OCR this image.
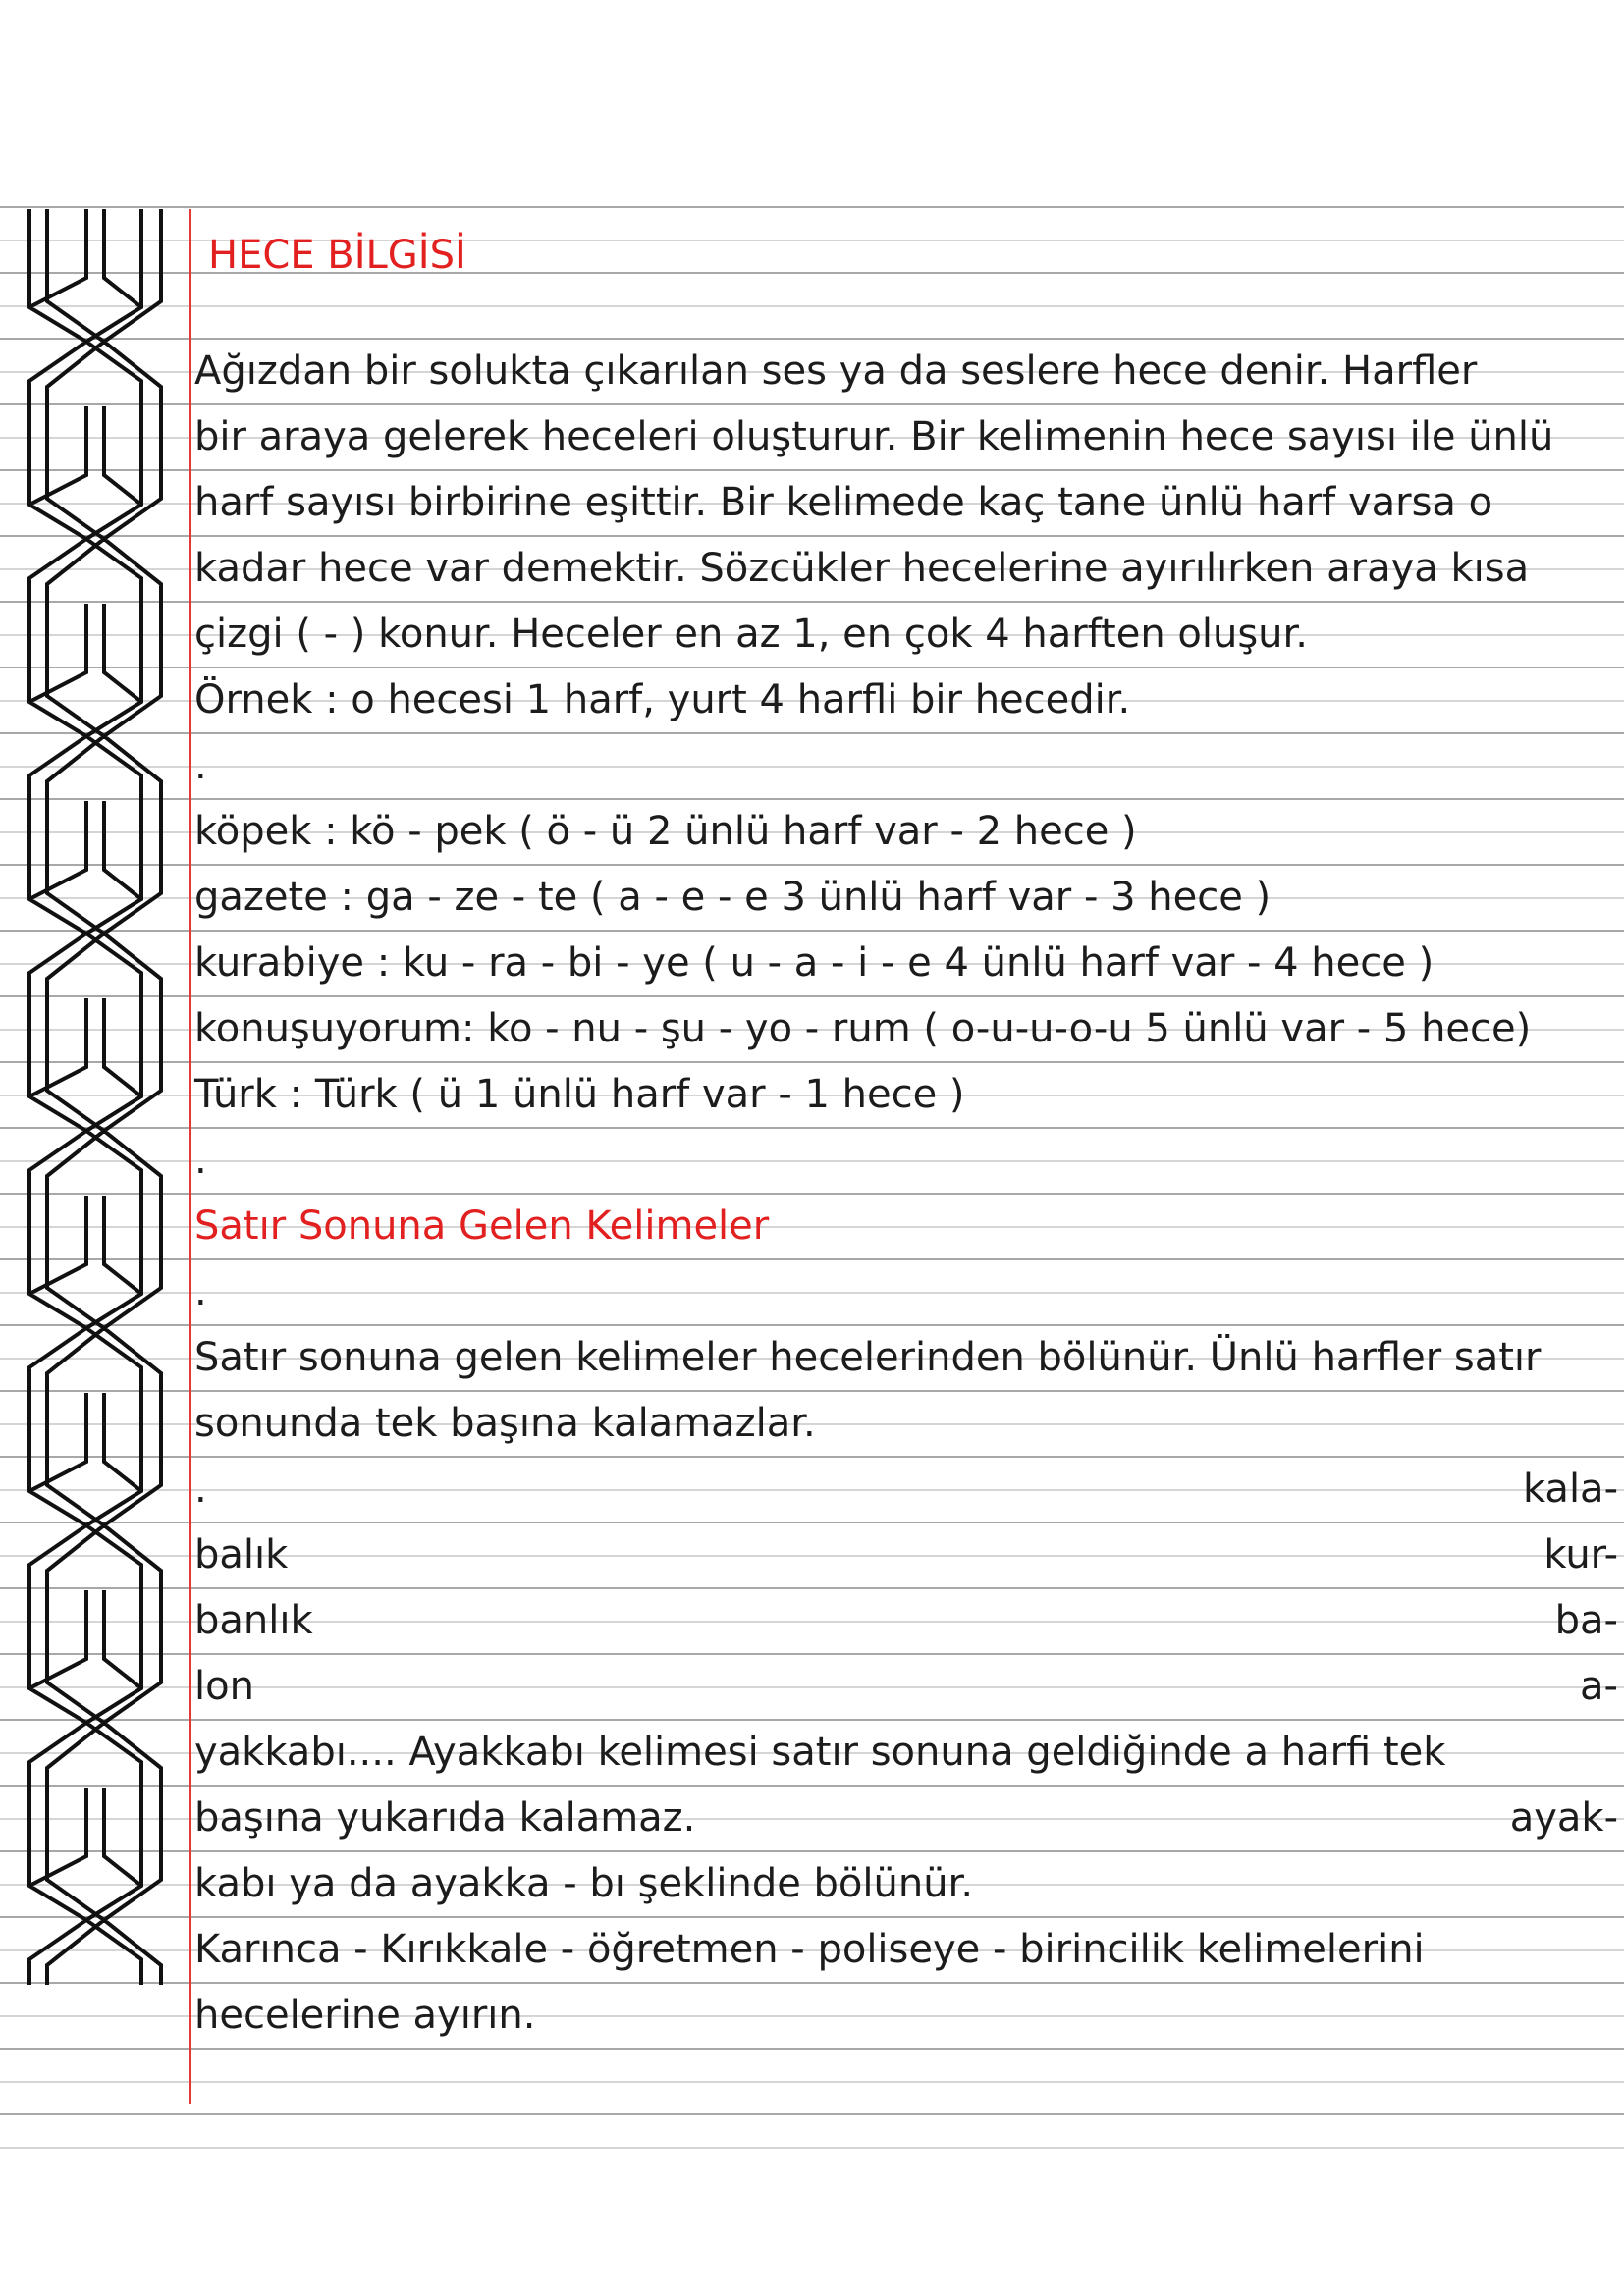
HECE BİLGİSİ
Ağızdan bir solukta çıkarılan ses ya da seslere hece denir. Harfler
bir araya gelerek heceleri oluşturur. Bir kelimenin hece sayısı ile ünlü
harf sayısı birbirine eşittir. Bir kelimede kaç tane ünlü harf varsa o
kadar hece var demektir. Sözcükler hecelerine ayırılırken araya kısa
çizgi ( - ) konur. Heceler en az 1, en çok 4 harften oluşur.
Örnek : o hecesi 1 harf, yurt 4 harfli bir hecedir.
.
köpek : kö - pek ( ö - ü 2 ünlü harf var - 2 hece )
gazete : ga - ze - te ( a - e - e 3 ünlü harf var - 3 hece )
kurabiye : ku - ra - bi - ye ( u - a - i - e 4 ünlü harf var - 4 hece )
konuşuyorum: ko - nu - şu - yo - rum ( o-u-u-o-u 5 ünlü var - 5 hece)
Türk : Türk ( ü 1 ünlü harf var - 1 hece )
.
Satır Sonuna Gelen Kelimeler
.
Satır sonuna gelen kelimeler hecelerinden bölünür. Ünlü harfler satır
sonunda tek başına kalamazlar.
.	kala-
balık	kur-
banlık	ba-
lon	a-
yakkabı.... Ayakkabı kelimesi satır sonuna geldiğinde a harfi tek
başına yukarıda kalamaz.	ayak-
kabı ya da ayakka - bı şeklinde bölünür.
Karınca - Kırıkkale - öğretmen - poliseye - birincilik kelimelerini
hecelerine ayırın.
